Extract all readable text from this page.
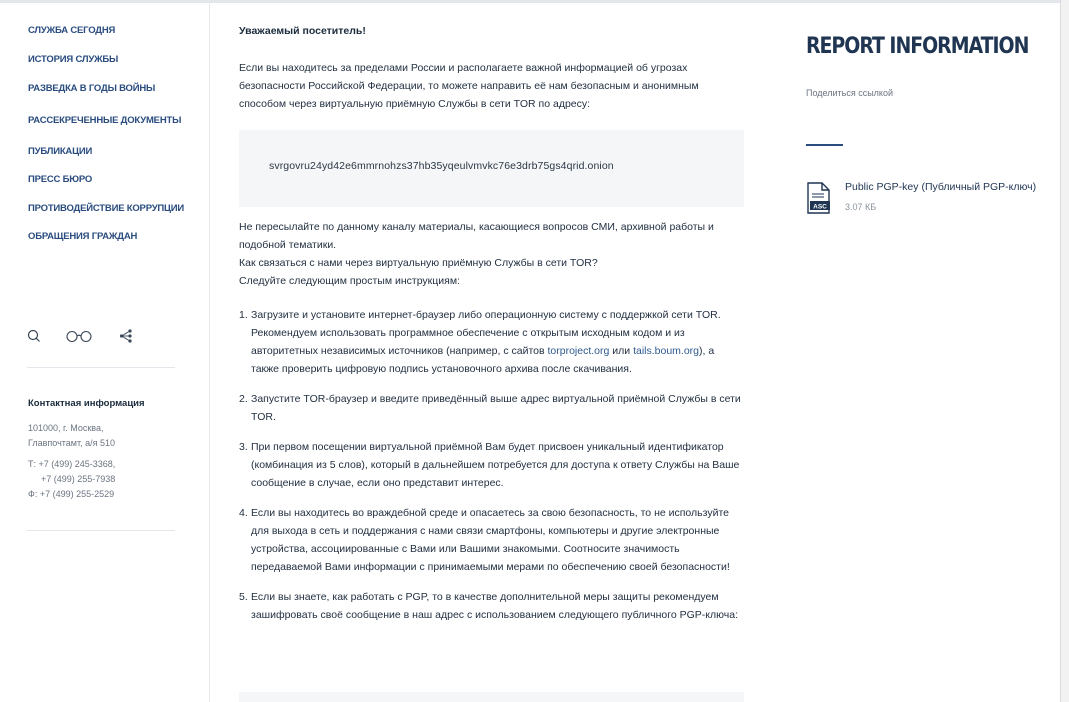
СЛУЖБА СЕГОДНЯ
ИСТОРИЯ СЛУЖБЫ
РАЗВЕДКА В ГОДЫ ВОЙНЫ
РАССЕКРЕЧЕННЫЕ ДОКУМЕНТЫ
ПУБЛИКАЦИИ
ПРЕСС БЮРО
ПРОТИВОДЕЙСТВИЕ КОРРУПЦИИ
ОБРАЩЕНИЯ ГРАЖДАН
Контактная информация
101000, г. Москва,
Главпочтамт, а/я 510
Т: +7 (499) 245-3368,
+7 (499) 255-7938
Ф: +7 (499) 255-2529
Уважаемый посетитель!

Если вы находитесь за пределами России и располагаете важной информацией об угрозах безопасности Российской Федерации, то можете направить её нам безопасным и анонимным способом через виртуальную приёмную Службы в сети TOR по адресу:

svrgovru24yd42e6mmrnohzs37hb35yqeulvmvkc76e3drb75gs4qrid.onion

Не пересылайте по данному каналу материалы, касающиеся вопросов СМИ, архивной работы и подобной тематики.

Как связаться с нами через виртуальную приёмную Службы в сети TOR?

Следуйте следующим простым инструкциям:

1. Загрузите и установите интернет-браузер либо операционную систему с поддержкой сети TOR. Рекомендуем использовать программное обеспечение с открытым исходным кодом и из авторитетных независимых источников (например, с сайтов torproject.org или tails.boum.org), а также проверить цифровую подпись установочного архива после скачивания.
2. Запустите TOR-браузер и введите приведённый выше адрес виртуальной приёмной Службы в сети TOR.
3. При первом посещении виртуальной приёмной Вам будет присвоен уникальный идентификатор (комбинация из 5 слов), который в дальнейшем потребуется для доступа к ответу Службы на Ваше сообщение в случае, если оно представит интерес.
4. Если вы находитесь во враждебной среде и опасаетесь за свою безопасность, то не используйте для выхода в сеть и поддержания с нами связи смартфоны, компьютеры и другие электронные устройства, ассоциированные с Вами или Вашими знакомыми. Соотносите значимость передаваемой Вами информации с принимаемыми мерами по обеспечению своей безопасности!
5. Если вы знаете, как работать с PGP, то в качестве дополнительной меры защиты рекомендуем зашифровать своё сообщение в наш адрес с использованием следующего публичного PGP-ключа:
REPORT INFORMATION
Поделиться ссылкой
ASC
Public PGP-key (Публичный PGP-ключ)
3.07 КБ
